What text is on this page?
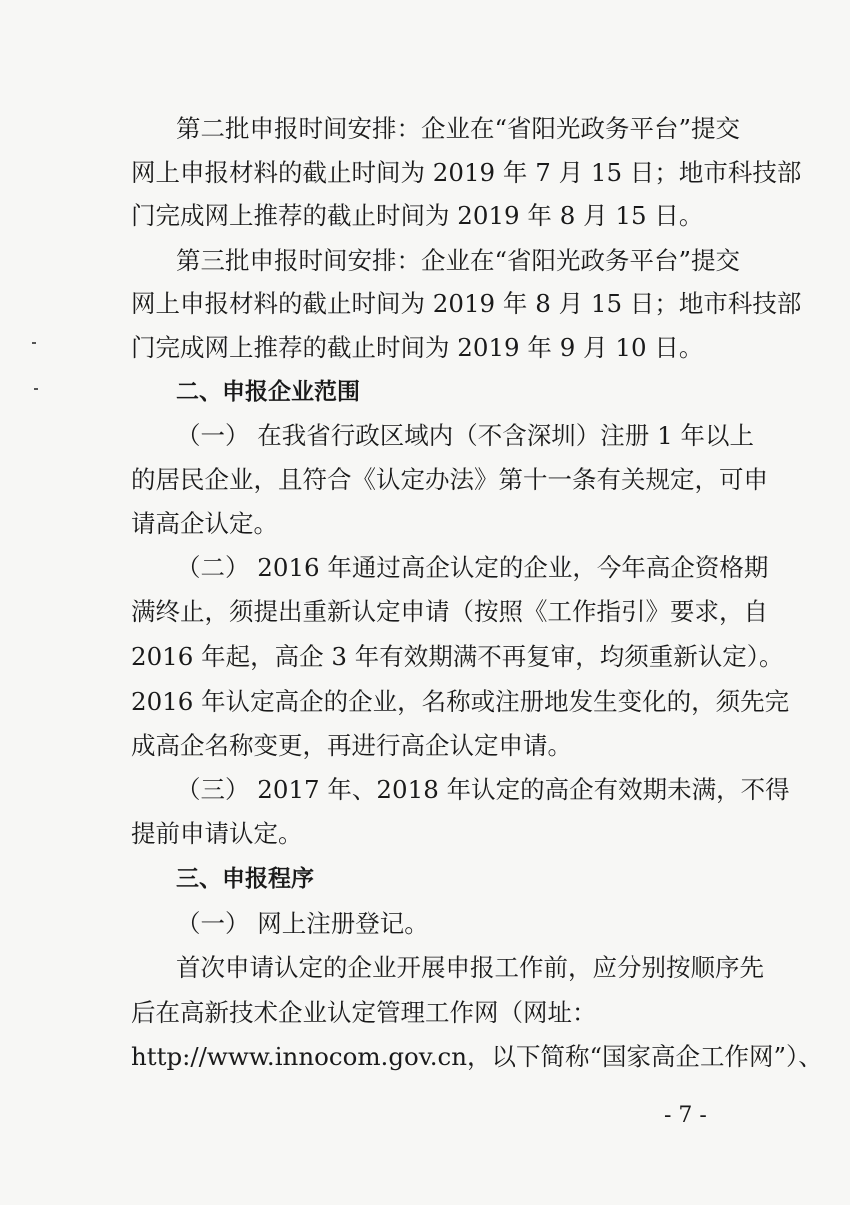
第二批申报时间安排：企业在“省阳光政务平台”提交
网上申报材料的截止时间为 2019 年 7 月 15 日；地市科技部
门完成网上推荐的截止时间为 2019 年 8 月 15 日。
第三批申报时间安排：企业在“省阳光政务平台”提交
网上申报材料的截止时间为 2019 年 8 月 15 日；地市科技部
门完成网上推荐的截止时间为 2019 年 9 月 10 日。
二、申报企业范围
（一） 在我省行政区域内（不含深圳）注册 1 年以上
的居民企业，且符合《认定办法》第十一条有关规定，可申
请高企认定。
（二） 2016 年通过高企认定的企业，今年高企资格期
满终止，须提出重新认定申请（按照《工作指引》要求，自
2016 年起，高企 3 年有效期满不再复审，均须重新认定）。
2016 年认定高企的企业，名称或注册地发生变化的，须先完
成高企名称变更，再进行高企认定申请。
（三） 2017 年、2018 年认定的高企有效期未满，不得
提前申请认定。
三、申报程序
（一） 网上注册登记。
首次申请认定的企业开展申报工作前，应分别按顺序先
后在高新技术企业认定管理工作网（网址：
http://www.innocom.gov.cn，以下简称“国家高企工作网”）、
- 7 -
